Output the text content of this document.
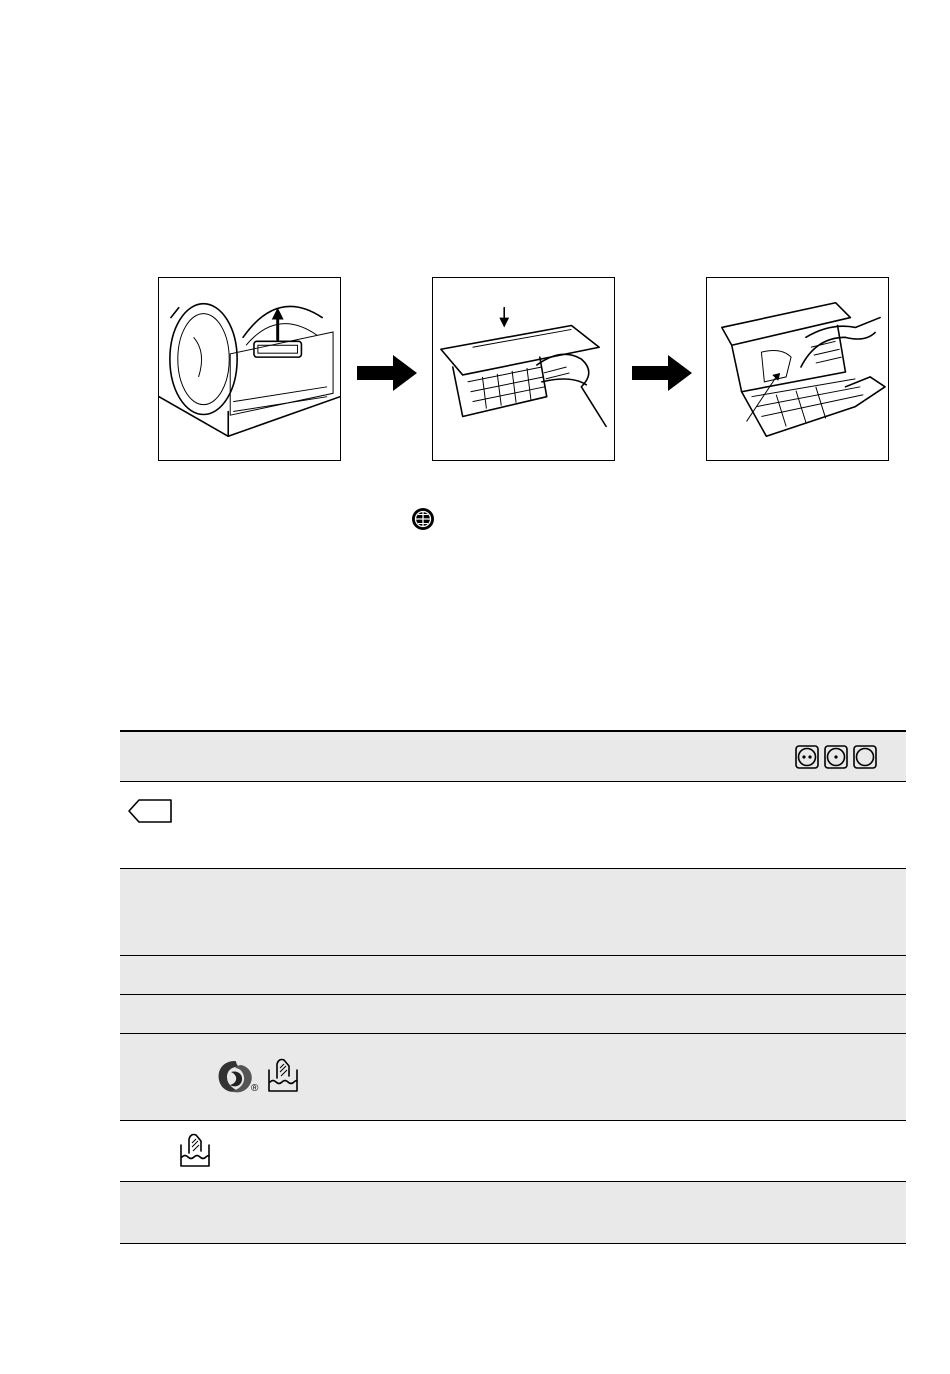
®
